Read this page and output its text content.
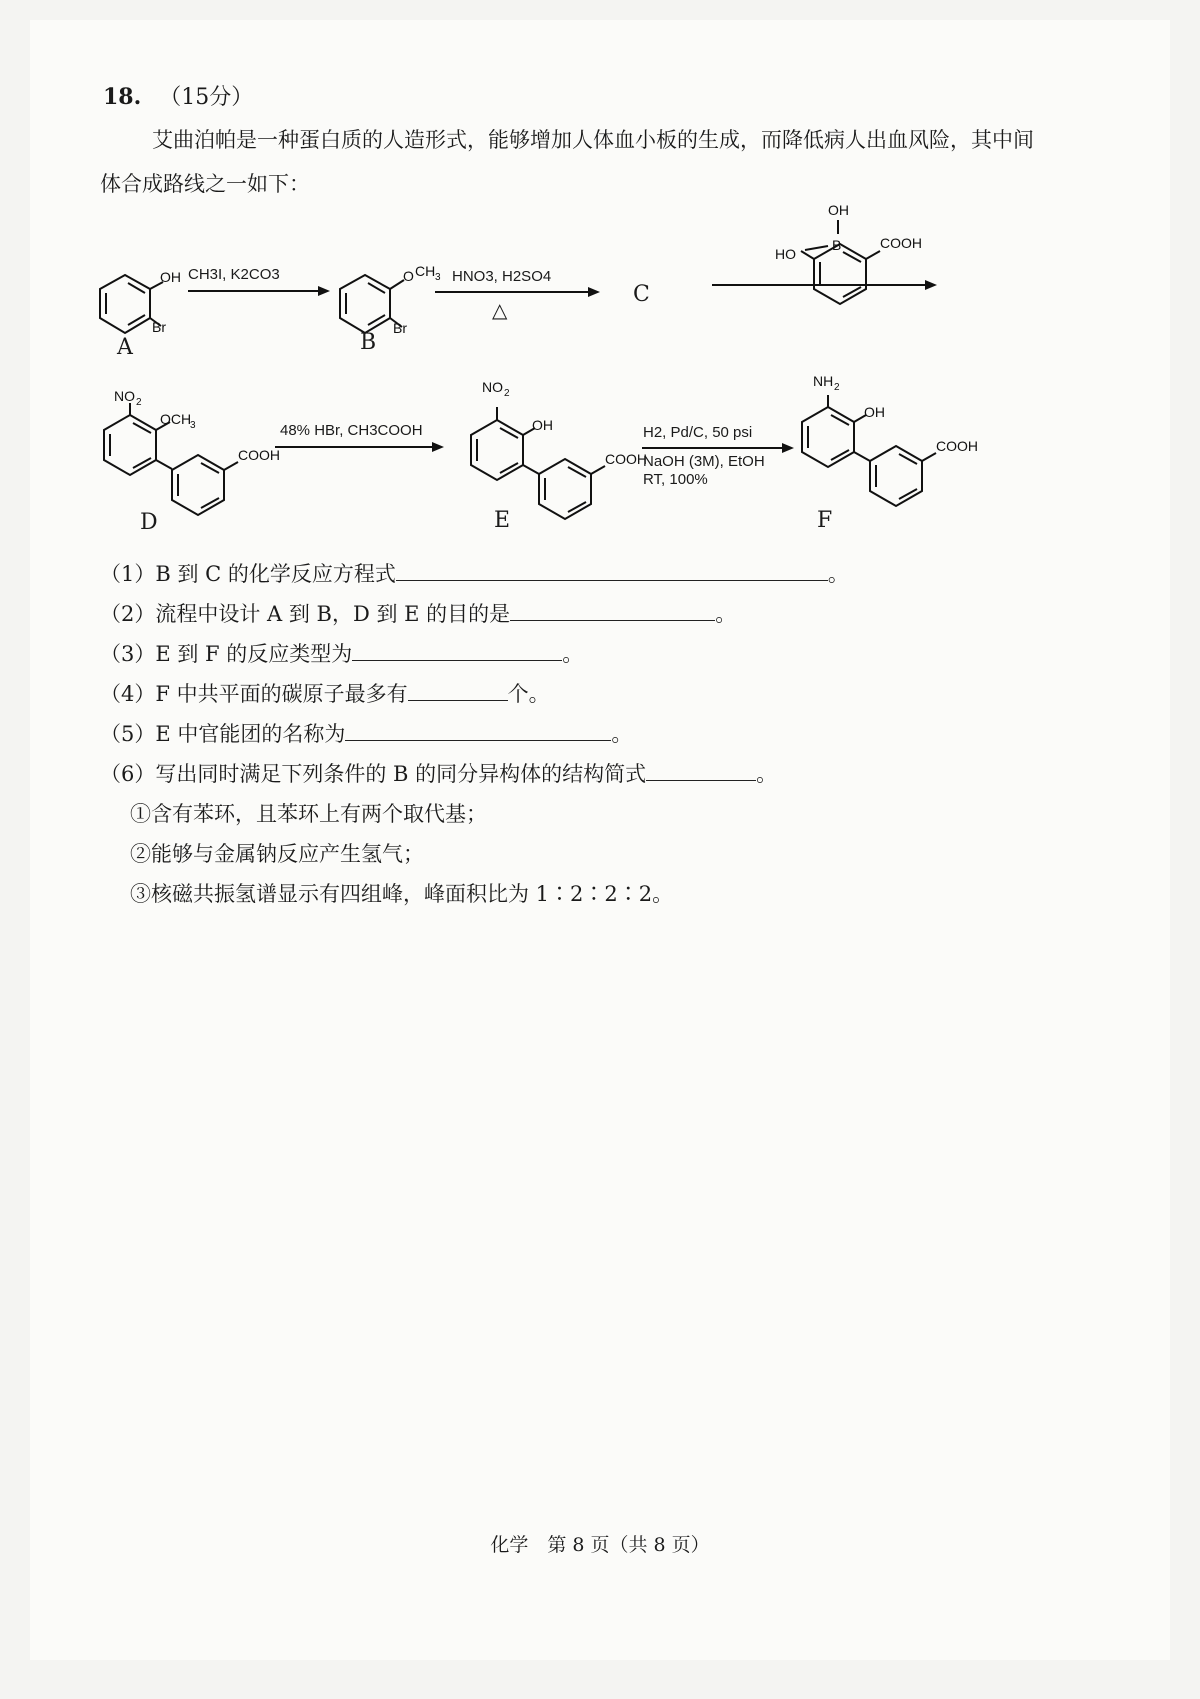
18. （15分）
艾曲泊帕是一种蛋白质的人造形式，能够增加人体血小板的生成，而降低病人出血风险，其中间体合成路线之一如下：
OH
Br
O CH 3
Br
OH
B
HO
COOH
NO 2
OCH
3
COOH
NO 2
OH
COOH
NH 2
OH
COOH
A	B
C
D	E	F
CH3I, K2CO3	HNO3, H2SO4
△
48% HBr, CH3COOH	H2, Pd/C, 50 psi
NaOH (3M), EtOH
RT, 100%
（1）B 到 C 的化学反应方程式	。
（2）流程中设计 A 到 B，D 到 E 的目的是	。
（3）E 到 F 的反应类型为	。
（4）F 中共平面的碳原子最多有	个。
（5）E 中官能团的名称为	。
（6）写出同时满足下列条件的 B 的同分异构体的结构简式	。
①含有苯环，且苯环上有两个取代基；
②能够与金属钠反应产生氢气；
③核磁共振氢谱显示有四组峰，峰面积比为 1∶2∶2∶2。
化学　第 8 页（共 8 页）
